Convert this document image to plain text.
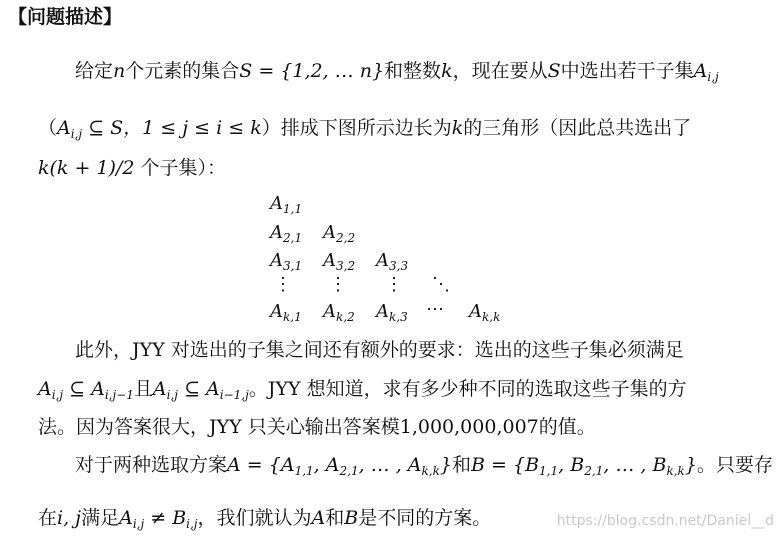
【问题描述】
给定n个元素的集合S = {1,2, … n}和整数k，现在要从S中选出若干子集$A_{i,j}$
（$A_{i,j}$ ⊆ S，1 ≤ j ≤ i ≤ k）排成下图所示边长为k的三角形（因此总共选出了
k(k + 1)/2 个子集）：
$A_{1,1}$
$A_{2,1}$ $A_{2,2}$
$A_{3,1}$ $A_{3,2}$ $A_{3,3}$
⋮ ⋮ ⋮ ⋱
$A_{k,1}$ $A_{k,2}$ $A_{k,3}$ ⋯ $A_{k,k}$
此外，JYY 对选出的子集之间还有额外的要求：选出的这些子集必须满足
$A_{i,j}$ ⊆ $A_{i,j-1}$且$A_{i,j}$ ⊆ $A_{i-1,j}$。JYY 想知道，求有多少种不同的选取这些子集的方
法。因为答案很大，JYY 只关心输出答案模1,000,000,007的值。
对于两种选取方案$A = \{A_{1,1}$, $A_{2,1}$, … , $A_{k,k}$}和$B = \{B_{1,1}$, $B_{2,1}$, … , $B_{k,k}$}。只要存
在i, j满足$A_{i,j} \ne B_{i,j}$，我们就认为A和B是不同的方案。	https://blog.csdn.net/Daniel__d
